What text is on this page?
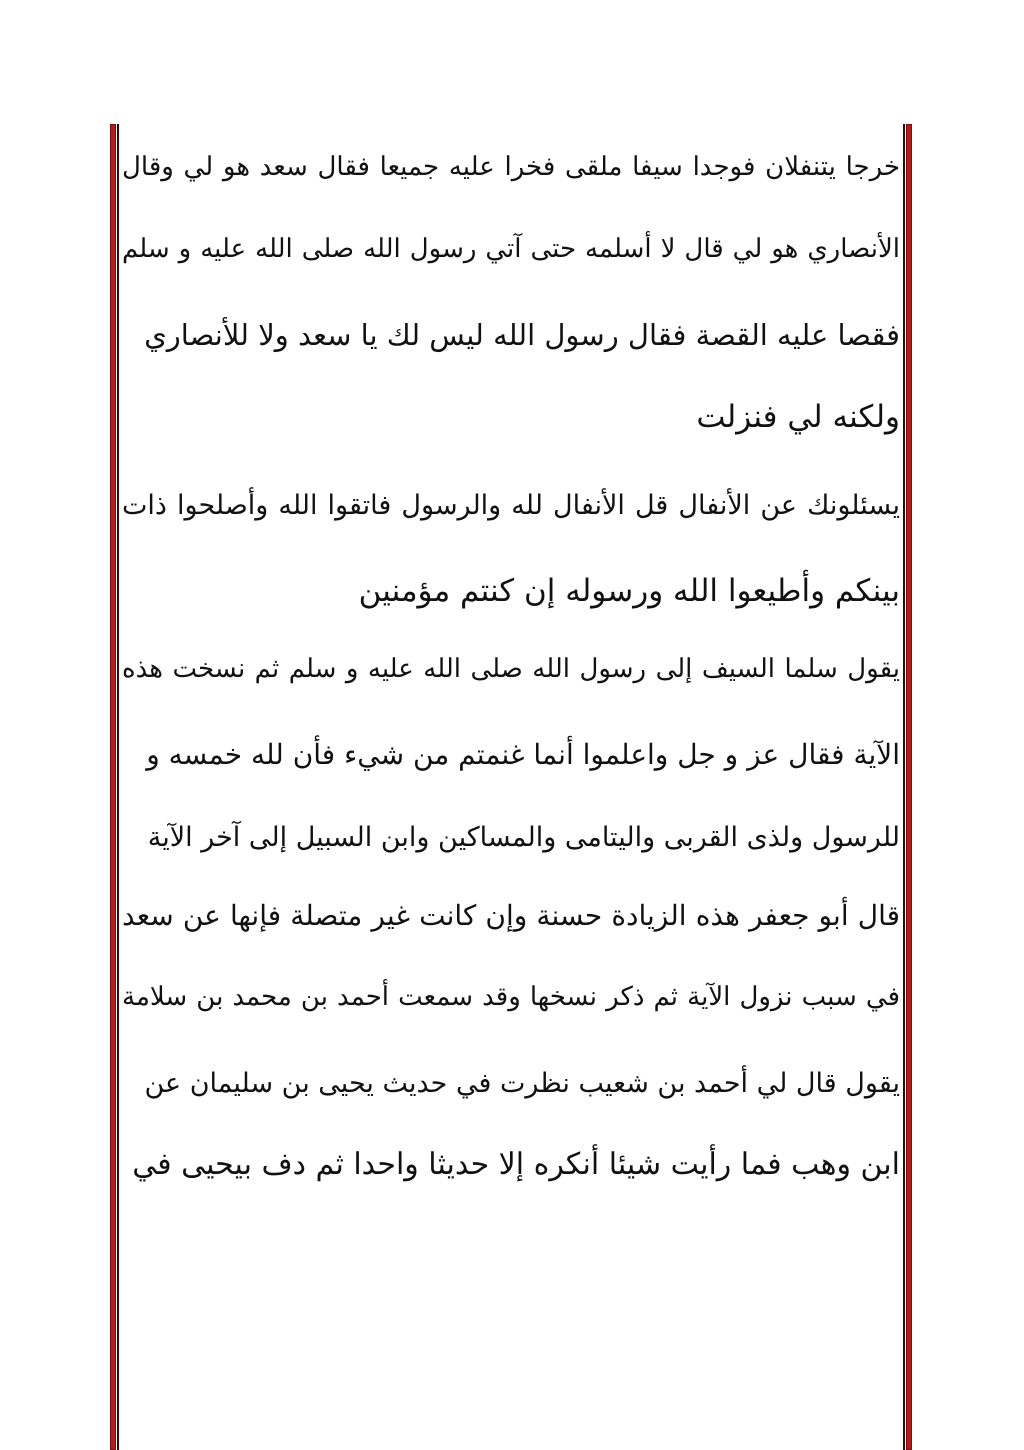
خرجا يتنفلان فوجدا سيفا ملقى فخرا عليه جميعا فقال سعد هو لي وقال
الأنصاري هو لي قال لا أسلمه حتى آتي رسول الله صلى الله عليه و سلم
فقصا عليه القصة فقال رسول الله ليس لك يا سعد ولا للأنصاري
ولكنه لي فنزلت
يسئلونك عن الأنفال قل الأنفال لله والرسول فاتقوا الله وأصلحوا ذات
بينكم وأطيعوا الله ورسوله إن كنتم مؤمنين
يقول سلما السيف إلى رسول الله صلى الله عليه و سلم ثم نسخت هذه
الآية فقال عز و جل واعلموا أنما غنمتم من شيء فأن لله خمسه و
للرسول ولذى القربى واليتامى والمساكين وابن السبيل إلى آخر الآية
قال أبو جعفر هذه الزيادة حسنة وإن كانت غير متصلة فإنها عن سعد
في سبب نزول الآية ثم ذكر نسخها وقد سمعت أحمد بن محمد بن سلامة
يقول قال لي أحمد بن شعيب نظرت في حديث يحيى بن سليمان عن
ابن وهب فما رأيت شيئا أنكره إلا حديثا واحدا ثم دف بيحيى في
